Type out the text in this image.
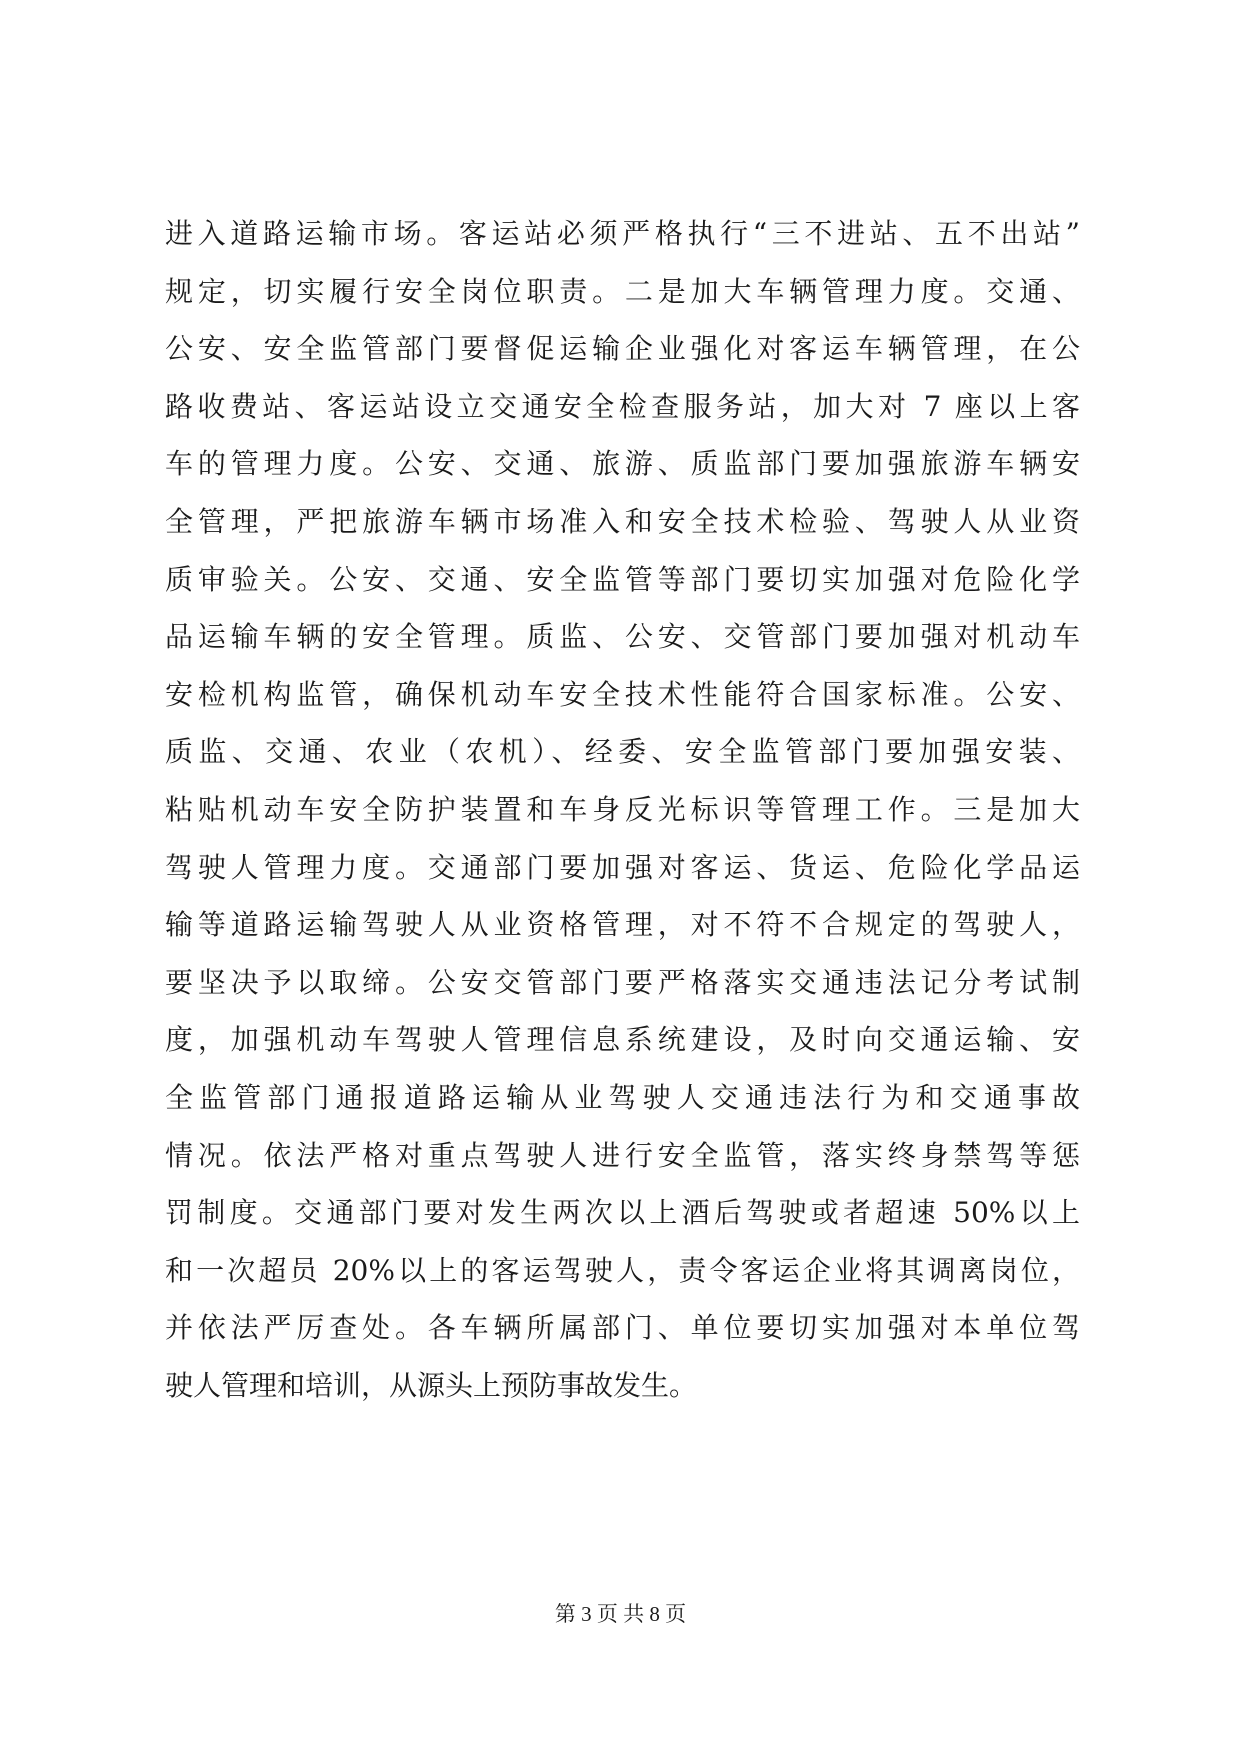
进入道路运输市场。客运站必须严格执行“三不进站、五不出站”
规定，切实履行安全岗位职责。二是加大车辆管理力度。交通、
公安、安全监管部门要督促运输企业强化对客运车辆管理，在公
路收费站、客运站设立交通安全检查服务站，加大对 7 座以上客
车的管理力度。公安、交通、旅游、质监部门要加强旅游车辆安
全管理，严把旅游车辆市场准入和安全技术检验、驾驶人从业资
质审验关。公安、交通、安全监管等部门要切实加强对危险化学
品运输车辆的安全管理。质监、公安、交管部门要加强对机动车
安检机构监管，确保机动车安全技术性能符合国家标准。公安、
质监、交通、农业（农机）、经委、安全监管部门要加强安装、
粘贴机动车安全防护装置和车身反光标识等管理工作。三是加大
驾驶人管理力度。交通部门要加强对客运、货运、危险化学品运
输等道路运输驾驶人从业资格管理，对不符不合规定的驾驶人，
要坚决予以取缔。公安交管部门要严格落实交通违法记分考试制
度，加强机动车驾驶人管理信息系统建设，及时向交通运输、安
全监管部门通报道路运输从业驾驶人交通违法行为和交通事故
情况。依法严格对重点驾驶人进行安全监管，落实终身禁驾等惩
罚制度。交通部门要对发生两次以上酒后驾驶或者超速 50%以上
和一次超员 20%以上的客运驾驶人，责令客运企业将其调离岗位，
并依法严厉查处。各车辆所属部门、单位要切实加强对本单位驾
驶人管理和培训，从源头上预防事故发生。
第 3 页 共 8 页
